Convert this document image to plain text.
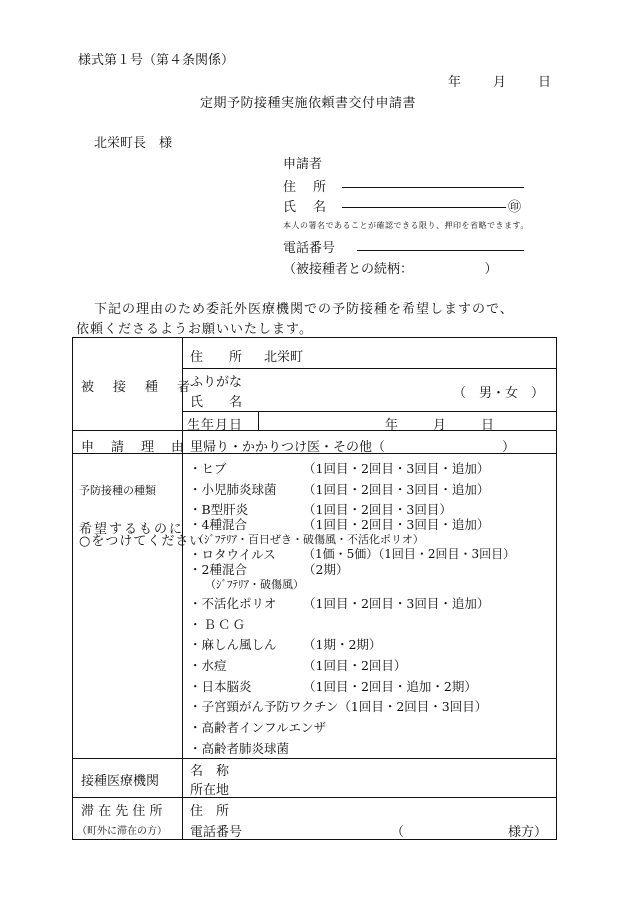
様式第１号（第４条関係）
年 月 日
定期予防接種実施依頼書交付申請書
北栄町長　様
申請者
住　所
氏　名	㊞
本人の署名であることが確認できる限り、押印を省略できます。
電話番号
（被接種者との続柄：　　　　　　）
下記の理由のため委託外医療機関での予防接種を希望しますので、
依頼くださるようお願いいたします。
被　接　種　者
住　　所 北栄町
ふりがな
氏　　名
（　男・女　）
生年月日	年	月	日
申　請　理　由 里帰り・かかりつけ医・その他（　　　　　　　　　）
予防接種の種類
希望するものに
○をつけてください
・ヒブ	（1回目・2回目・3回目・追加）
・小児肺炎球菌 （1回目・2回目・3回目・追加）
・B型肝炎	（1回目・2回目・3回目）
・4種混合	（1回目・2回目・3回目・追加）
（ｼﾞﾌﾃﾘｱ・百日ぜき・破傷風・不活化ポリオ）
・ロタウイルス （1価・5価）（1回目・2回目・3回目）
・2種混合	（2期）
（ｼﾞﾌﾃﾘｱ・破傷風）
・不活化ポリオ （1回目・2回目・3回目・追加）
・ＢＣＧ
・麻しん風しん （1期・2期）
・水痘	（1回目・2回目）
・日本脳炎	（1回目・2回目・追加・2期）
・子宮頸がん予防ワクチン（1回目・2回目・3回目）
・高齢者インフルエンザ
・高齢者肺炎球菌
接種医療機関
名　称
所在地
滞 在 先 住 所
（町外に滞在の方）
住　所
電話番号	（　　　　　　　　様方）
